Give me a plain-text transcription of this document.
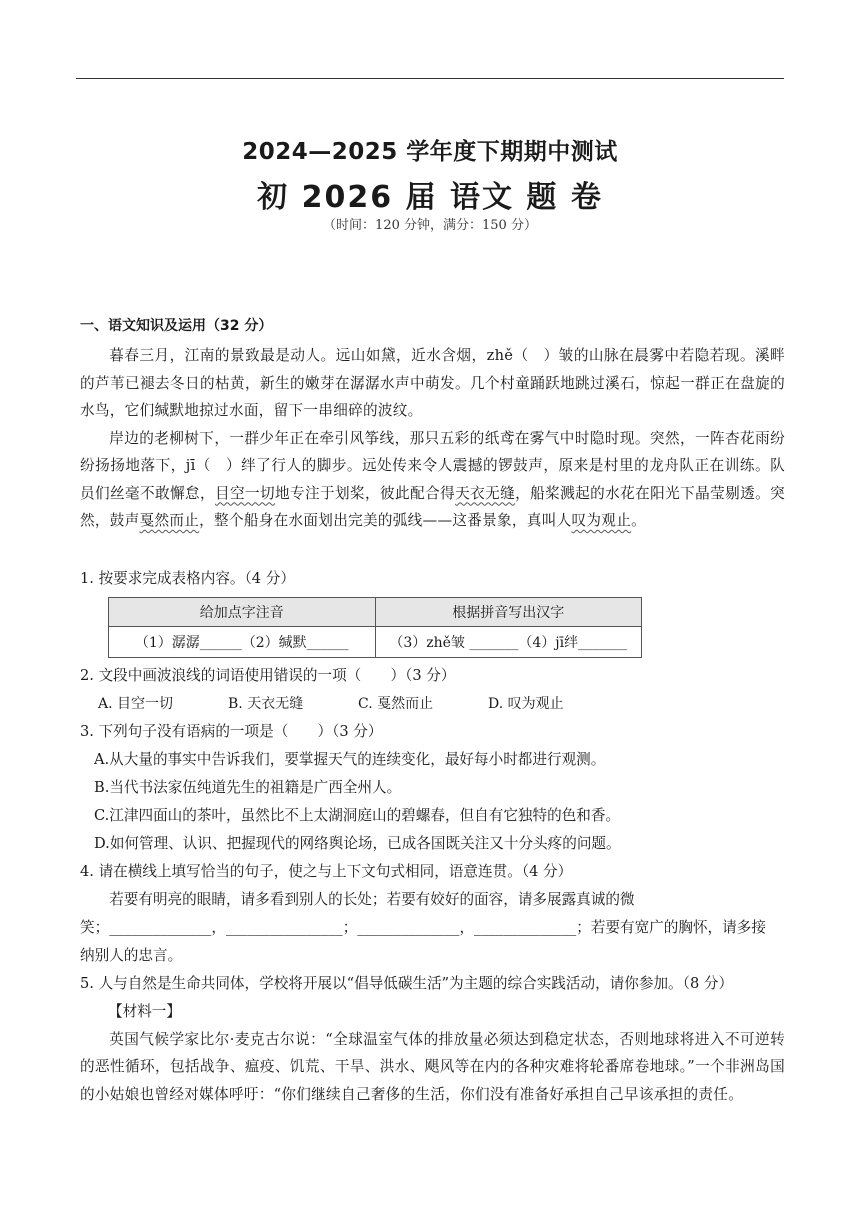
2024—2025 学年度下期期中测试
初 2026 届 语文 题 卷
（时间：120 分钟，满分：150 分）

一、语文知识及运用（32 分）

暮春三月，江南的景致最是动人。远山如黛，近水含烟，zhě（　）皱的山脉在晨雾中若隐若现。溪畔的芦苇已褪去冬日的枯黄，新生的嫩芽在潺潺水声中萌发。几个村童踊跃地跳过溪石，惊起一群正在盘旋的水鸟，它们缄默地掠过水面，留下一串细碎的波纹。

岸边的老柳树下，一群少年正在牵引风筝线，那只五彩的纸鸢在雾气中时隐时现。突然，一阵杏花雨纷纷扬扬地落下，jī（　）绊了行人的脚步。远处传来令人震撼的锣鼓声，原来是村里的龙舟队正在训练。队员们丝毫不敢懈怠，目空一切地专注于划桨，彼此配合得天衣无缝，船桨溅起的水花在阳光下晶莹剔透。突然，鼓声戛然而止，整个船身在水面划出完美的弧线——这番景象，真叫人叹为观止。

1. 按要求完成表格内容。（4 分）

给加点字注音	根据拼音写出汉字
（1）潺潺______（2）缄默______	（3）zhě皱 _______（4）jī绊_______

2. 文段中画波浪线的词语使用错误的一项（　　）（3 分）

A. 目空一切	B. 天衣无缝	C. 戛然而止	D. 叹为观止

3. 下列句子没有语病的一项是（　　）（3 分）

A.从大量的事实中告诉我们，要掌握天气的连续变化，最好每小时都进行观测。

B.当代书法家伍纯道先生的祖籍是广西全州人。

C.江津四面山的茶叶，虽然比不上太湖洞庭山的碧螺春，但自有它独特的色和香。

D.如何管理、认识、把握现代的网络舆论场，已成各国既关注又十分头疼的问题。

4. 请在横线上填写恰当的句子，使之与上下文句式相同，语意连贯。（4 分）

若要有明亮的眼睛，请多看到别人的长处；若要有姣好的面容，请多展露真诚的微

笑；______________，________________；______________，______________；若要有宽广的胸怀，请多接

纳别人的忠言。

5. 人与自然是生命共同体，学校将开展以“倡导低碳生活”为主题的综合实践活动，请你参加。（8 分）

【材料一】

英国气候学家比尔·麦克古尔说：“全球温室气体的排放量必须达到稳定状态，否则地球将进入不可逆转的恶性循环，包括战争、瘟疫、饥荒、干旱、洪水、飓风等在内的各种灾难将轮番席卷地球。”一个非洲岛国的小姑娘也曾经对媒体呼吁：“你们继续自己奢侈的生活，你们没有准备好承担自己早该承担的责任。
